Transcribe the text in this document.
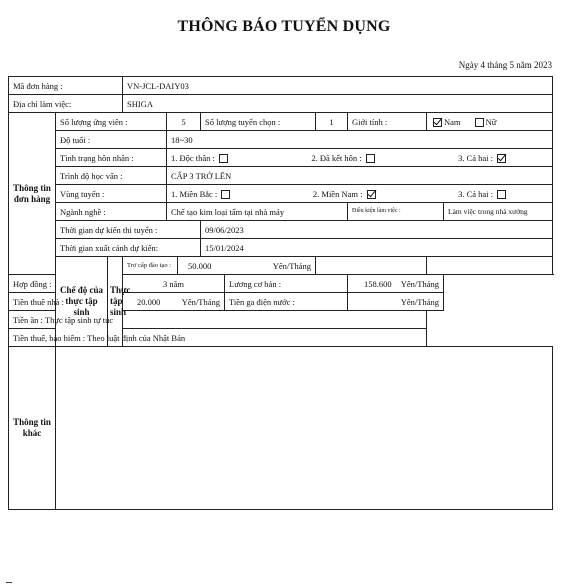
THÔNG BÁO TUYỂN DỤNG
Ngày 4 tháng 5 năm 2023
Mã đơn hàng :			VN-JCL-DAIY03								
Địa chỉ làm việc:			SHIGA								
Thông tin đơn hàng	Số lượng ứng viên :			5		Số lượng tuyển chọn :		1	Giới tính :	Nam Nữ	
	Độ tuổi :			18~30							
	Tình trạng hôn nhân :			1. Độc thân : 2. Đã kết hôn : 3. Cả hai :							

	Trình độ học vấn :			CẤP 3 TRỞ LÊN							
	Vùng tuyển :			1. Miền Bắc : 2. Miền Nam : 3. Cả hai :							

	Ngành nghề :			Chế tạo kim loại tấm tại nhà máy					Điều kiện làm việc :		Làm việc trong nhà xưởng
	Thời gian dự kiến thi tuyển :					09/06/2023					
	Thời gian xuất cảnh dự kiến:					15/01/2024					
	Chế độ của thực tập sinh	Thực tập sinh	Trợ cấp đào tạo :		50.000 Yên/Tháng						

Hợp đồng :			3 năm				Lương cơ bản :		158.600 Yên/Tháng		

Tiền thuê nhà :			20.000 Yên/Tháng				Tiền ga điện nước :		Yên/Tháng		
Tiền ăn : Thực tập sinh tự túc											
Tiền thuế, bảo hiểm : Theo luật định của Nhật Bản											
Thông tin khác											
